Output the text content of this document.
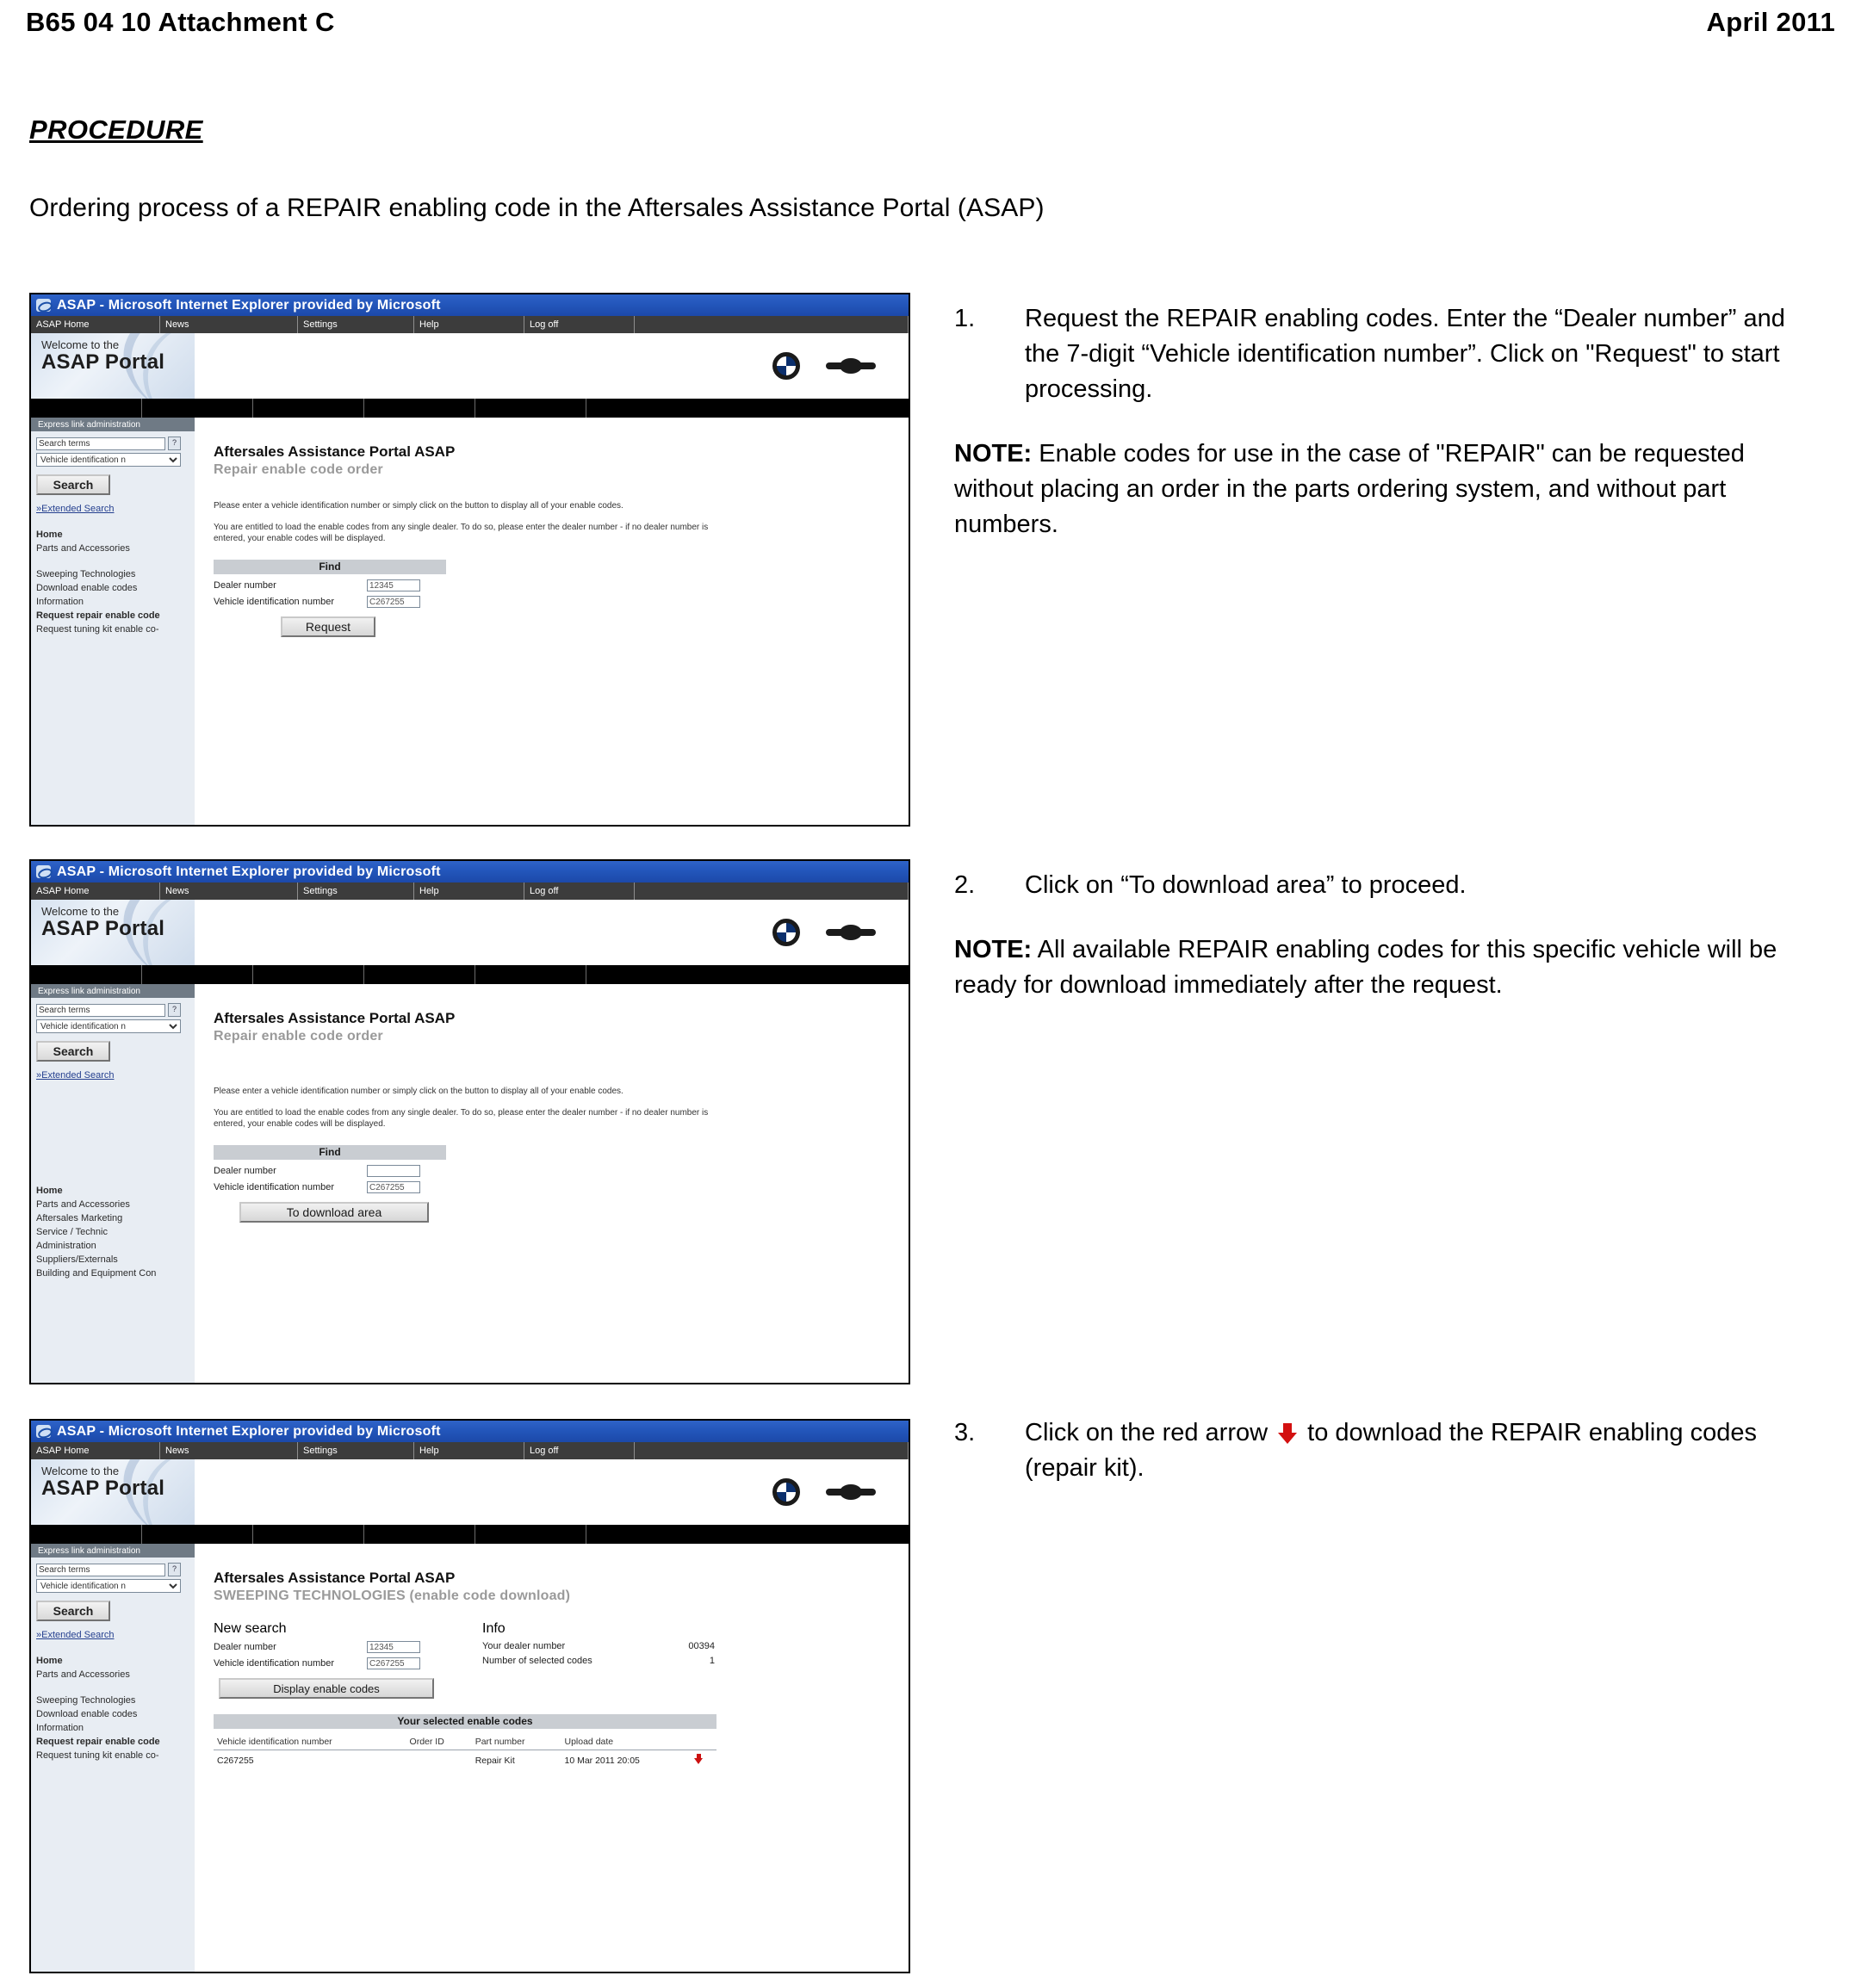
B65 04 10 Attachment C	April 2011
PROCEDURE
Ordering process of a REPAIR enabling code in the Aftersales Assistance Portal (ASAP)
ASAP - Microsoft Internet Explorer provided by Microsoft
ASAP Home	News	Settings	Help	Log off
Welcome to the
ASAP Portal
Express link administration
Search terms
?
Vehicle identification n
Search
»Extended Search
Home
Parts and Accessories
Sweeping Technologies
Download enable codes
Information
Request repair enable code
Request tuning kit enable co-
Aftersales Assistance Portal ASAP
Repair enable code order

Please enter a vehicle identification number or simply click on the button to display all of your enable codes.

You are entitled to load the enable codes from any single dealer. To do so, please enter the dealer number - if no dealer number is entered, your enable codes will be displayed.

Find
Dealer number
12345
Vehicle identification number
C267255
Request
ASAP - Microsoft Internet Explorer provided by Microsoft
ASAP Home	News	Settings	Help	Log off
Welcome to the
ASAP Portal
Express link administration
Search terms
?
Vehicle identification n
Search
»Extended Search
Home
Parts and Accessories
Aftersales Marketing
Service / Technic
Administration
Suppliers/Externals
Building and Equipment Con
Aftersales Assistance Portal ASAP
Repair enable code order

Please enter a vehicle identification number or simply click on the button to display all of your enable codes.

You are entitled to load the enable codes from any single dealer. To do so, please enter the dealer number - if no dealer number is entered, your enable codes will be displayed.

Find
Dealer number
Vehicle identification number
C267255
To download area
ASAP - Microsoft Internet Explorer provided by Microsoft
ASAP Home	News	Settings	Help	Log off
Welcome to the
ASAP Portal
Express link administration
Search terms
?
Vehicle identification n
Search
»Extended Search
Home
Parts and Accessories
Sweeping Technologies
Download enable codes
Information
Request repair enable code
Request tuning kit enable co-
Aftersales Assistance Portal ASAP
SWEEPING TECHNOLOGIES (enable code download)
New search
Dealer number
12345
Vehicle identification number
C267255
Display enable codes
Info
Your dealer number	00394
Number of selected codes	1
Your selected enable codes
Vehicle identification number	Order ID	Part number	Upload date	
C267255		Repair Kit	10 Mar 2011 20:05	
1.	Request the REPAIR enabling codes. Enter the “Dealer number” and the 7-digit “Vehicle identification number”. Click on "Request" to start processing.
NOTE: Enable codes for use in the case of "REPAIR" can be requested without placing an order in the parts ordering system, and without part numbers.
2.	Click on “To download area” to proceed.
NOTE: All available REPAIR enabling codes for this specific vehicle will be ready for download immediately after the request.
3.	Click on the red arrow
to download the REPAIR enabling codes (repair kit).
